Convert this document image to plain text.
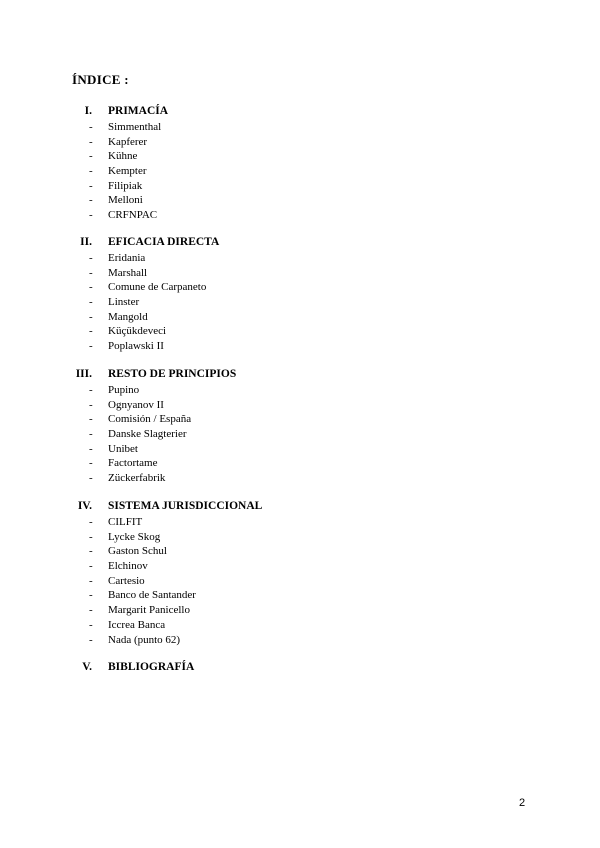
ÍNDICE :
I. PRIMACÍA
- Simmenthal
- Kapferer
- Kühne
- Kempter
- Filipiak
- Melloni
- CRFNPAC
II. EFICACIA DIRECTA
- Eridania
- Marshall
- Comune de Carpaneto
- Linster
- Mangold
- Küçükdeveci
- Poplawski II
III. RESTO DE PRINCIPIOS
- Pupino
- Ognyanov II
- Comisión / España
- Danske Slagterier
- Unibet
- Factortame
- Zückerfabrik
IV. SISTEMA JURISDICCIONAL
- CILFIT
- Lycke Skog
- Gaston Schul
- Elchinov
- Cartesio
- Banco de Santander
- Margarit Panicello
- Iccrea Banca
- Nada (punto 62)
V. BIBLIOGRAFÍA
2
